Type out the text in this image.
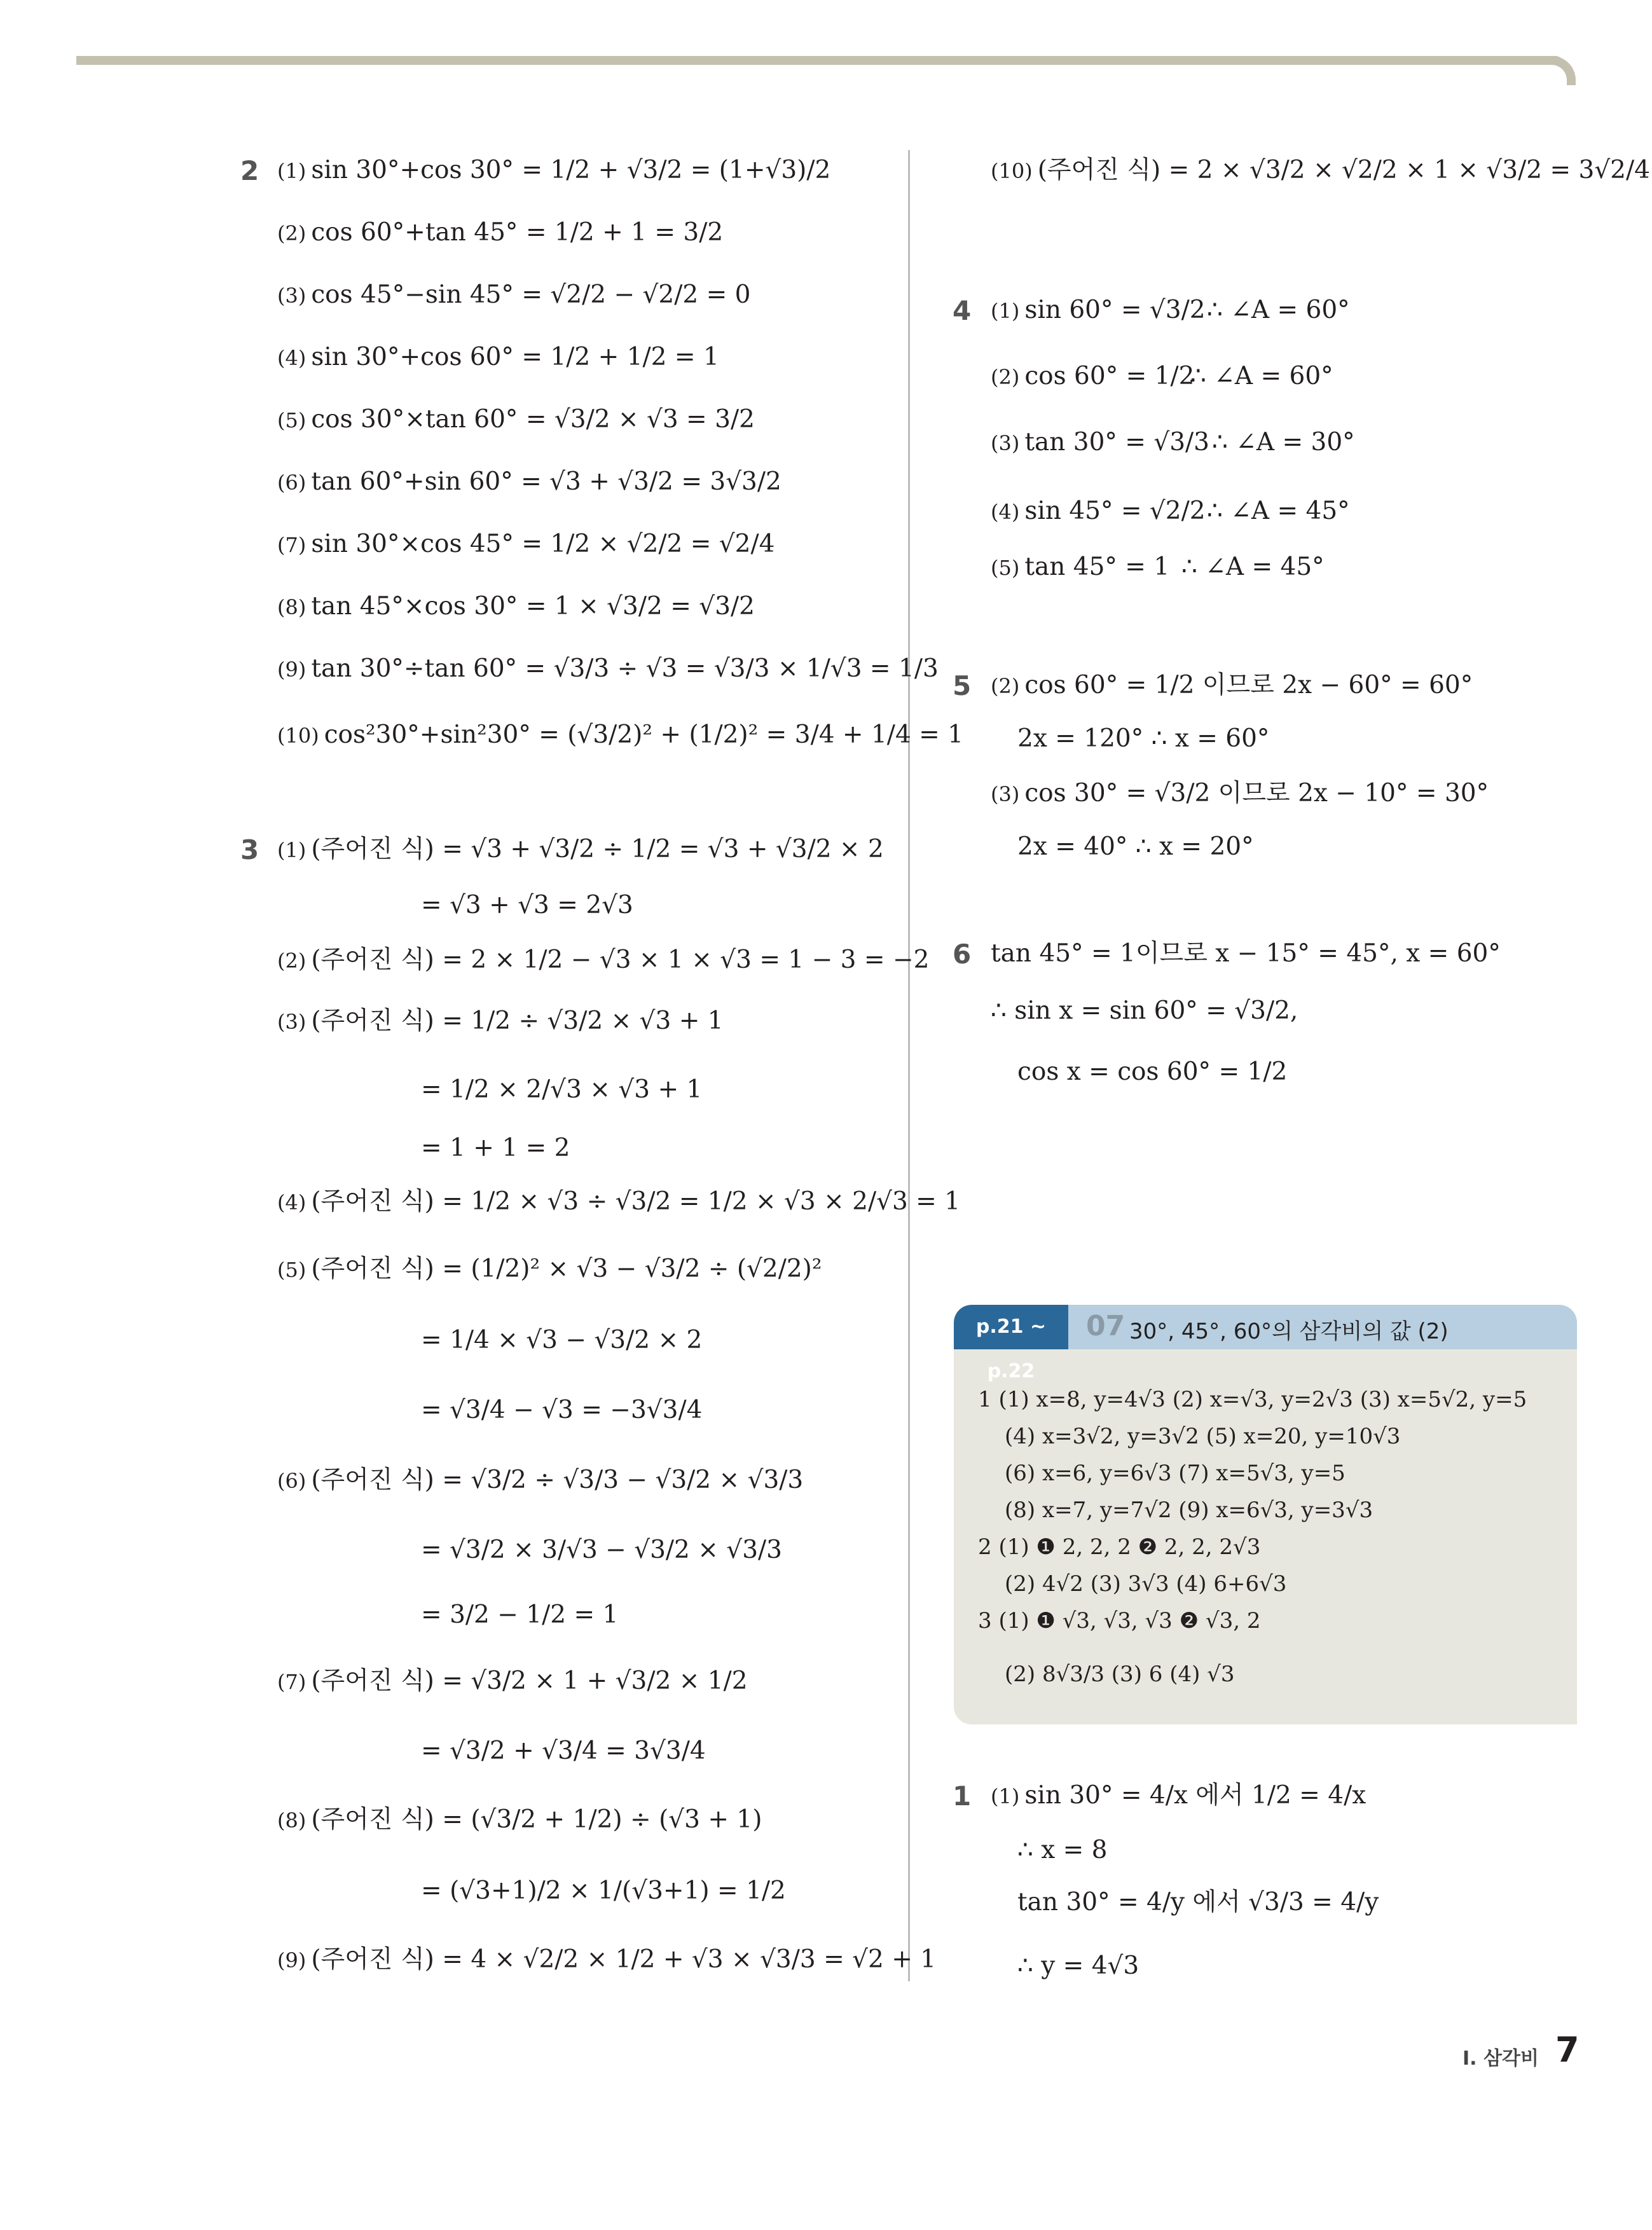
2 (1) sin 30°+cos 30° = 1/2 + √3/2 = (1+√3)/2
(2) cos 60°+tan 45° = 1/2 + 1 = 3/2
(3) cos 45°−sin 45° = √2/2 − √2/2 = 0
(4) sin 30°+cos 60° = 1/2 + 1/2 = 1
(5) cos 30°×tan 60° = √3/2 × √3 = 3/2
(6) tan 60°+sin 60° = √3 + √3/2 = 3√3/2
(7) sin 30°×cos 45° = 1/2 × √2/2 = √2/4
(8) tan 45°×cos 30° = 1 × √3/2 = √3/2
(9) tan 30°÷tan 60° = √3/3 ÷ √3 = √3/3 × 1/√3 = 1/3
(10) cos²30°+sin²30° = (√3/2)² + (1/2)² = 3/4 + 1/4 = 1
3 (1) (주어진 식) = √3 + √3/2 ÷ 1/2 = √3 + √3/2 × 2
= √3 + √3 = 2√3
(2) (주어진 식) = 2 × 1/2 − √3 × 1 × √3 = 1 − 3 = −2
(3) (주어진 식) = 1/2 ÷ √3/2 × √3 + 1
= 1/2 × 2/√3 × √3 + 1
= 1 + 1 = 2
(4) (주어진 식) = 1/2 × √3 ÷ √3/2 = 1/2 × √3 × 2/√3 = 1
(5) (주어진 식) = (1/2)² × √3 − √3/2 ÷ (√2/2)²
= 1/4 × √3 − √3/2 × 2
= √3/4 − √3 = −3√3/4
(6) (주어진 식) = √3/2 ÷ √3/3 − √3/2 × √3/3
= √3/2 × 3/√3 − √3/2 × √3/3
= 3/2 − 1/2 = 1
(7) (주어진 식) = √3/2 × 1 + √3/2 × 1/2
= √3/2 + √3/4 = 3√3/4
(8) (주어진 식) = (√3/2 + 1/2) ÷ (√3 + 1)
= (√3+1)/2 × 1/(√3+1) = 1/2
(9) (주어진 식) = 4 × √2/2 × 1/2 + √3 × √3/3 = √2 + 1
(10) (주어진 식) = 2 × √3/2 × √2/2 × 1 × √3/2 = 3√2/4
4 (1) sin 60° = √3/2 ∴ ∠A = 60°
(2) cos 60° = 1/2
∴ ∠A = 60°
(3) tan 30° = √3/3 ∴ ∠A = 30°
(4) sin 45° = √2/2 ∴ ∠A = 45°
(5) tan 45° = 1 ∴ ∠A = 45°
5 (2) cos 60° = 1/2 이므로 2x − 60° = 60°
2x = 120° ∴ x = 60°
(3) cos 30° = √3/2 이므로 2x − 10° = 30°
2x = 40° ∴ x = 20°
6 tan 45° = 1이므로 x − 15° = 45°, x = 60°
∴ sin x = sin 60° = √3/2,
cos x = cos 60° = 1/2
p.21 ~ p.22
07 30°, 45°, 60°의 삼각비의 값 (2)
1 (1) x=8, y=4√3 (2) x=√3, y=2√3 (3) x=5√2, y=5
(4) x=3√2, y=3√2 (5) x=20, y=10√3
(6) x=6, y=6√3 (7) x=5√3, y=5
(8) x=7, y=7√2 (9) x=6√3, y=3√3
2 (1) ❶ 2, 2, 2 ❷ 2, 2, 2√3
(2) 4√2 (3) 3√3 (4) 6+6√3
3 (1) ❶ √3, √3, √3 ❷ √3, 2
(2) 8√3/3 (3) 6 (4) √3
1 (1) sin 30° = 4/x 에서 1/2 = 4/x
∴ x = 8
tan 30° = 4/y 에서 √3/3 = 4/y
∴ y = 4√3
Ⅰ. 삼각비 7
